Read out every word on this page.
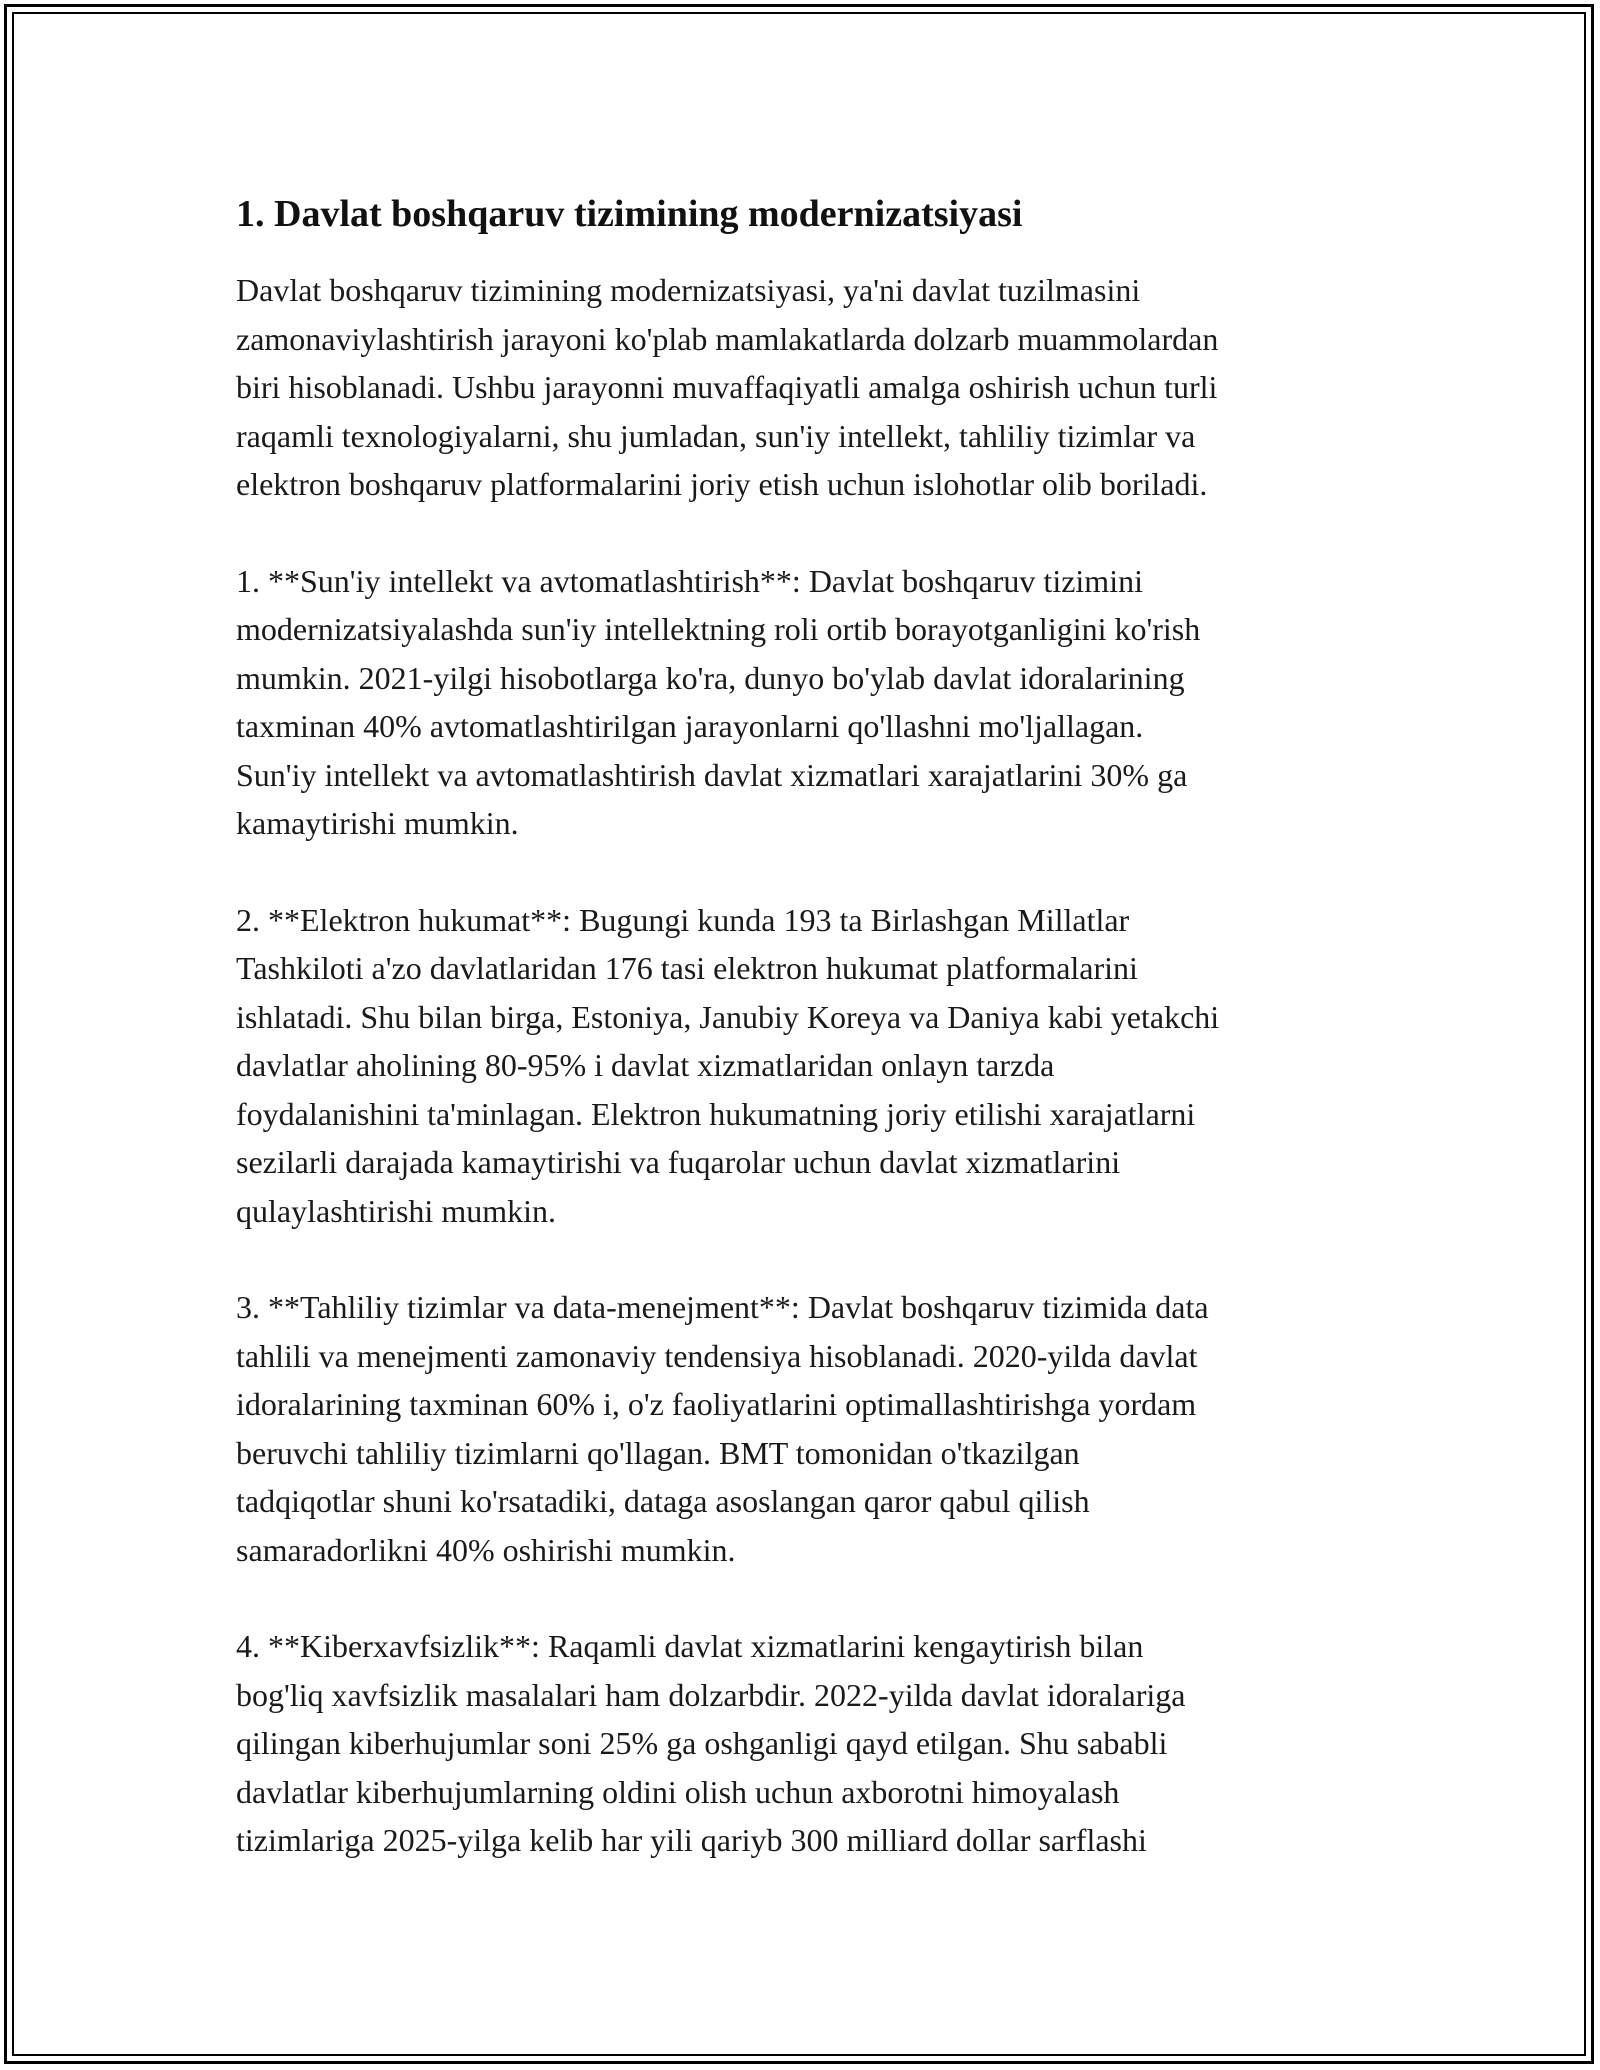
1. Davlat boshqaruv tizimining modernizatsiyasi

Davlat boshqaruv tizimining modernizatsiyasi, ya'ni davlat tuzilmasini
zamonaviylashtirish jarayoni ko'plab mamlakatlarda dolzarb muammolardan
biri hisoblanadi. Ushbu jarayonni muvaffaqiyatli amalga oshirish uchun turli
raqamli texnologiyalarni, shu jumladan, sun'iy intellekt, tahliliy tizimlar va
elektron boshqaruv platformalarini joriy etish uchun islohotlar olib boriladi.

1. **Sun'iy intellekt va avtomatlashtirish**: Davlat boshqaruv tizimini
modernizatsiyalashda sun'iy intellektning roli ortib borayotganligini ko'rish
mumkin. 2021-yilgi hisobotlarga ko'ra, dunyo bo'ylab davlat idoralarining
taxminan 40% avtomatlashtirilgan jarayonlarni qo'llashni mo'ljallagan.
Sun'iy intellekt va avtomatlashtirish davlat xizmatlari xarajatlarini 30% ga
kamaytirishi mumkin.

2. **Elektron hukumat**: Bugungi kunda 193 ta Birlashgan Millatlar
Tashkiloti a'zo davlatlaridan 176 tasi elektron hukumat platformalarini
ishlatadi. Shu bilan birga, Estoniya, Janubiy Koreya va Daniya kabi yetakchi
davlatlar aholining 80-95% i davlat xizmatlaridan onlayn tarzda
foydalanishini ta'minlagan. Elektron hukumatning joriy etilishi xarajatlarni
sezilarli darajada kamaytirishi va fuqarolar uchun davlat xizmatlarini
qulaylashtirishi mumkin.

3. **Tahliliy tizimlar va data-menejment**: Davlat boshqaruv tizimida data
tahlili va menejmenti zamonaviy tendensiya hisoblanadi. 2020-yilda davlat
idoralarining taxminan 60% i, o'z faoliyatlarini optimallashtirishga yordam
beruvchi tahliliy tizimlarni qo'llagan. BMT tomonidan o'tkazilgan
tadqiqotlar shuni ko'rsatadiki, dataga asoslangan qaror qabul qilish
samaradorlikni 40% oshirishi mumkin.

4. **Kiberxavfsizlik**: Raqamli davlat xizmatlarini kengaytirish bilan
bog'liq xavfsizlik masalalari ham dolzarbdir. 2022-yilda davlat idoralariga
qilingan kiberhujumlar soni 25% ga oshganligi qayd etilgan. Shu sababli
davlatlar kiberhujumlarning oldini olish uchun axborotni himoyalash
tizimlariga 2025-yilga kelib har yili qariyb 300 milliard dollar sarflashi
